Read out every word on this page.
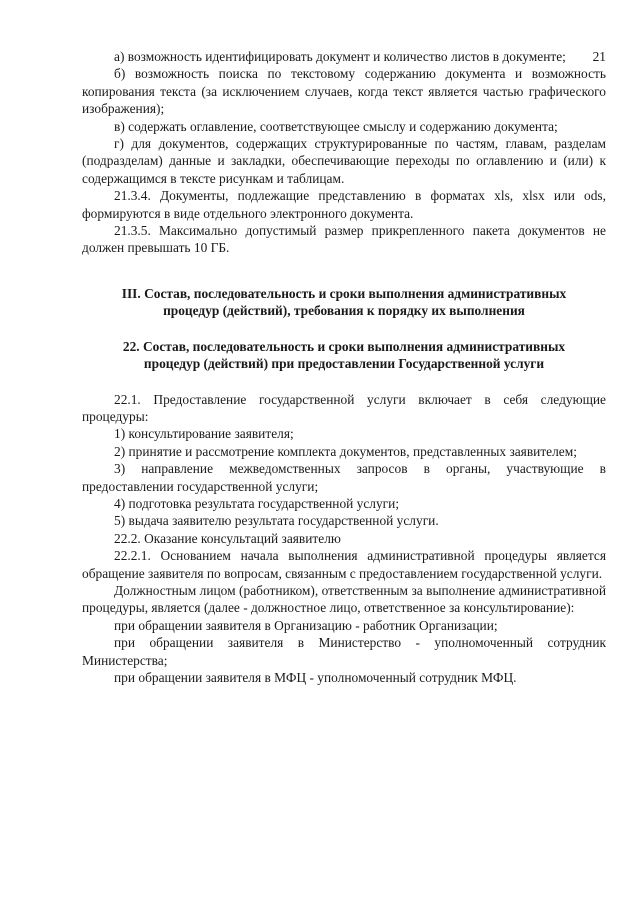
21

а) возможность идентифицировать документ и количество листов в документе;

б) возможность поиска по текстовому содержанию документа и возможность копирования текста (за исключением случаев, когда текст является частью графического изображения);

в) содержать оглавление, соответствующее смыслу и содержанию документа;

г) для документов, содержащих структурированные по частям, главам, разделам (подразделам) данные и закладки, обеспечивающие переходы по оглавлению и (или) к содержащимся в тексте рисункам и таблицам.

21.3.4. Документы, подлежащие представлению в форматах xls, xlsx или ods, формируются в виде отдельного электронного документа.

21.3.5. Максимально допустимый размер прикрепленного пакета документов не должен превышать 10 ГБ.

III. Состав, последовательность и сроки выполнения административных процедур (действий), требования к порядку их выполнения
22. Состав, последовательность и сроки выполнения административных процедур (действий) при предоставлении Государственной услуги

22.1. Предоставление государственной услуги включает в себя следующие процедуры:

1) консультирование заявителя;

2) принятие и рассмотрение комплекта документов, представленных заявителем;

3) направление межведомственных запросов в органы, участвующие в предоставлении государственной услуги;

4) подготовка результата государственной услуги;

5) выдача заявителю результата государственной услуги.

22.2. Оказание консультаций заявителю

22.2.1. Основанием начала выполнения административной процедуры является обращение заявителя по вопросам, связанным с предоставлением государственной услуги.

Должностным лицом (работником), ответственным за выполнение административной процедуры, является (далее - должностное лицо, ответственное за консультирование):

при обращении заявителя в Организацию - работник Организации;

при обращении заявителя в Министерство - уполномоченный сотрудник Министерства;

при обращении заявителя в МФЦ - уполномоченный сотрудник МФЦ.
